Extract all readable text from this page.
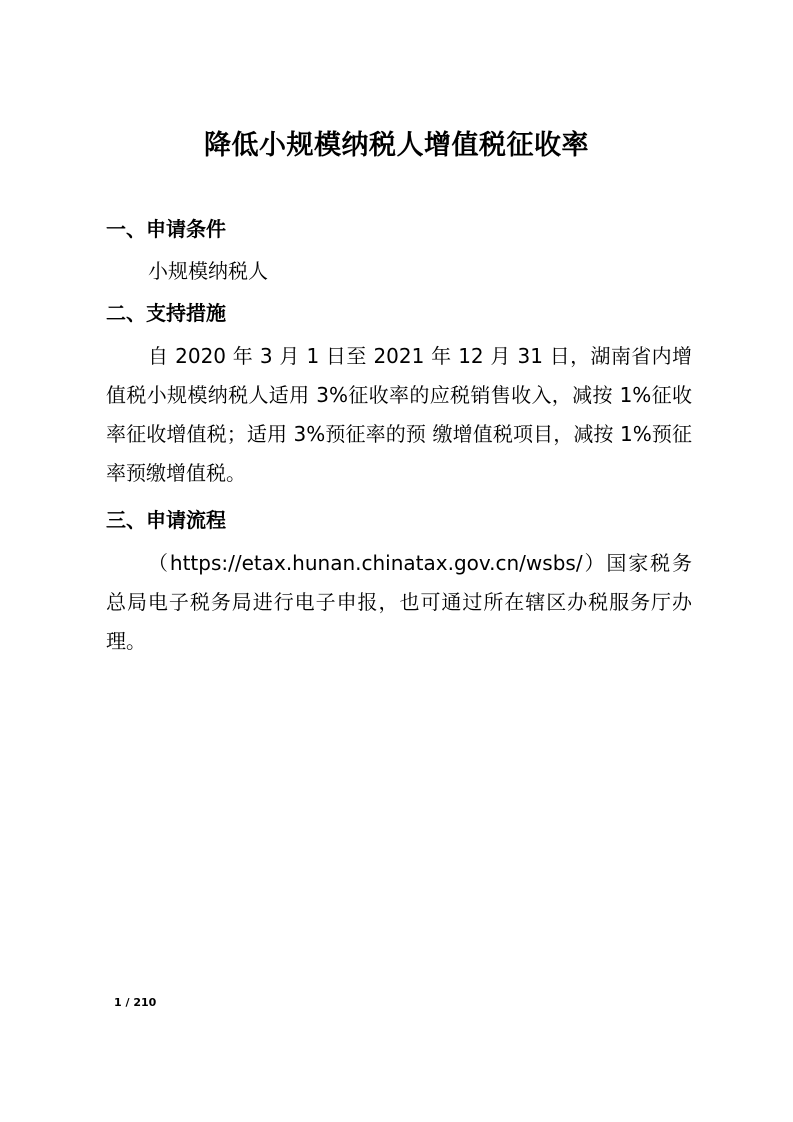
降低小规模纳税人增值税征收率
一、申请条件

小规模纳税人

二、支持措施

自 2020 年 3 月 1 日至 2021 年 12 月 31 日，湖南省内增值税小规模纳税人适用 3%征收率的应税销售收入，减按 1%征收率征收增值税；适用 3%预征率的预 缴增值税项目，减按 1%预征率预缴增值税。

三、申请流程

（https://etax.hunan.chinatax.gov.cn/wsbs/）国家税务总局电子税务局进行电子申报，也可通过所在辖区办税服务厅办理。

1 / 210
